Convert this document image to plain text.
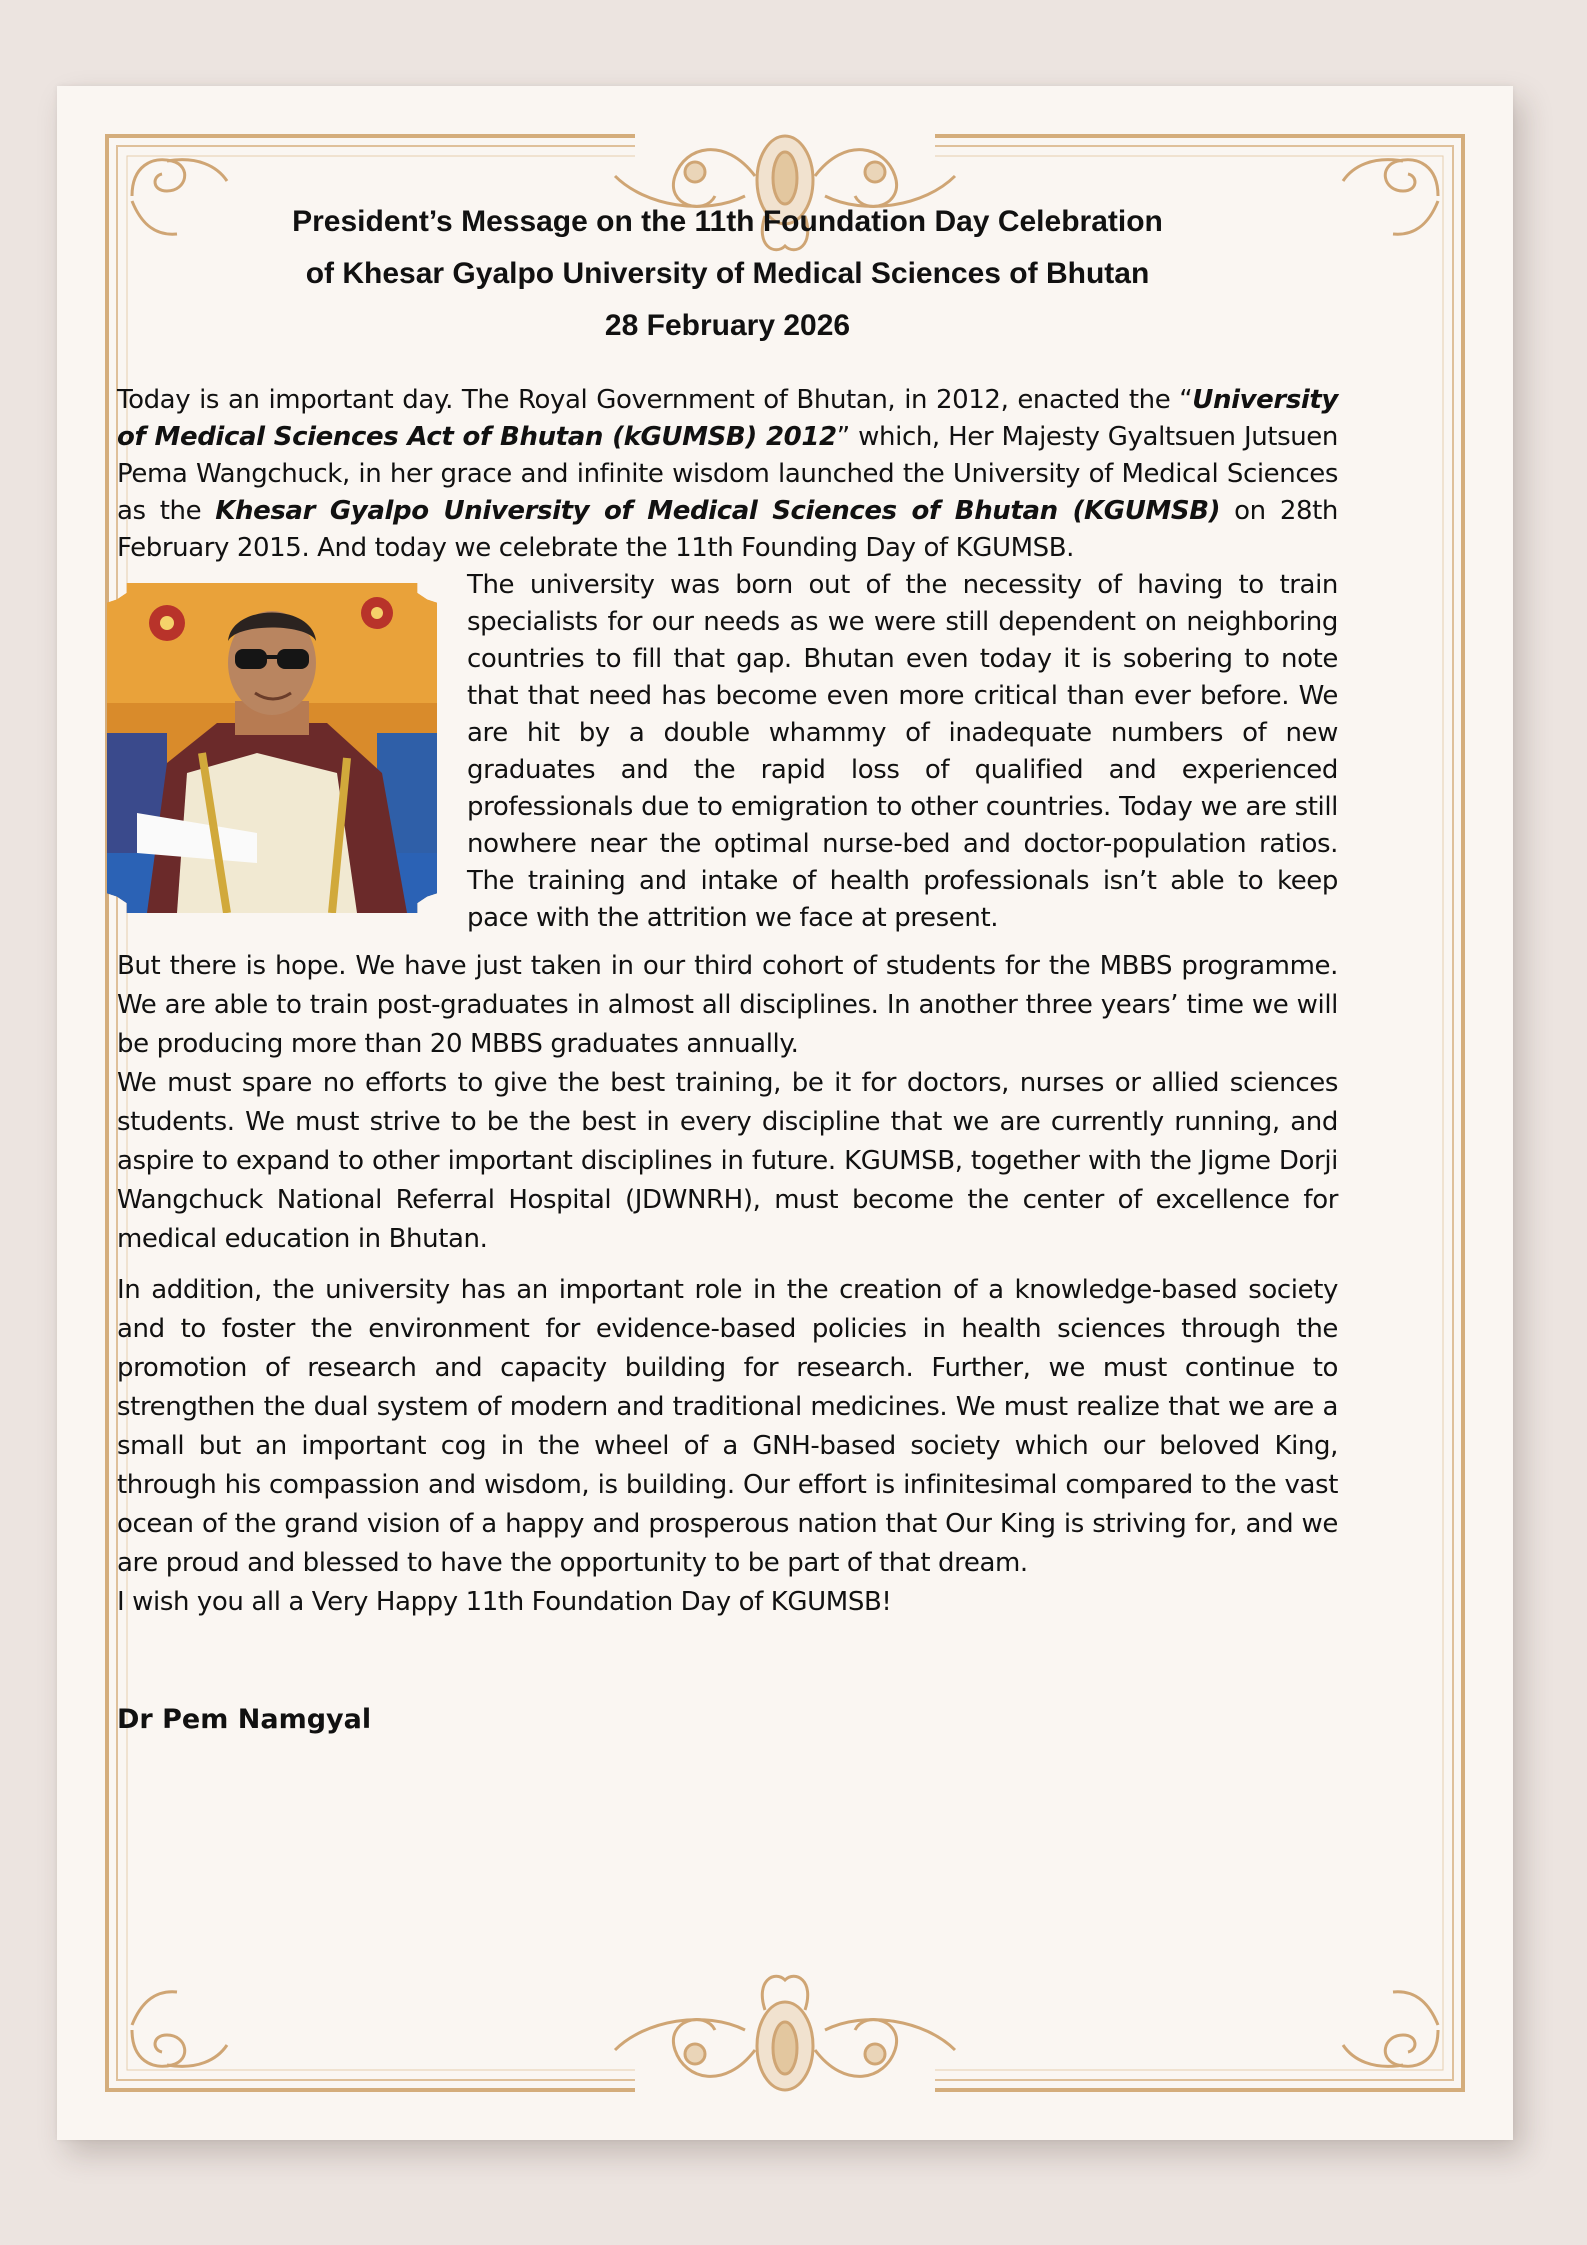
President’s Message on the 11th Foundation Day Celebration
of Khesar Gyalpo University of Medical Sciences of Bhutan
28 February 2026

Today is an important day. The Royal Government of Bhutan, in 2012, enacted the “University of Medical Sciences Act of Bhutan (kGUMSB) 2012” which, Her Majesty Gyaltsuen Jutsuen Pema Wangchuck, in her grace and infinite wisdom launched the University of Medical Sciences as the Khesar Gyalpo University of Medical Sciences of Bhutan (KGUMSB) on 28th February 2015. And today we celebrate the 11th Founding Day of KGUMSB.

The university was born out of the necessity of having to train specialists for our needs as we were still dependent on neighboring countries to fill that gap. Bhutan even today it is sobering to note that that need has become even more critical than ever before. We are hit by a double whammy of inadequate numbers of new graduates and the rapid loss of qualified and experienced professionals due to emigration to other countries. Today we are still nowhere near the optimal nurse-bed and doctor-population ratios. The training and intake of health professionals isn’t able to keep pace with the attrition we face at present.

But there is hope. We have just taken in our third cohort of students for the MBBS programme. We are able to train post-graduates in almost all disciplines. In another three years’ time we will be producing more than 20 MBBS graduates annually.

We must spare no efforts to give the best training, be it for doctors, nurses or allied sciences students. We must strive to be the best in every discipline that we are currently running, and aspire to expand to other important disciplines in future. KGUMSB, together with the Jigme Dorji Wangchuck National Referral Hospital (JDWNRH), must become the center of excellence for medical education in Bhutan.

In addition, the university has an important role in the creation of a knowledge-based society and to foster the environment for evidence-based policies in health sciences through the promotion of research and capacity building for research. Further, we must continue to strengthen the dual system of modern and traditional medicines. We must realize that we are a small but an important cog in the wheel of a GNH-based society which our beloved King, through his compassion and wisdom, is building. Our effort is infinitesimal compared to the vast ocean of the grand vision of a happy and prosperous nation that Our King is striving for, and we are proud and blessed to have the opportunity to be part of that dream.

I wish you all a Very Happy 11th Foundation Day of KGUMSB!

Dr Pem Namgyal
